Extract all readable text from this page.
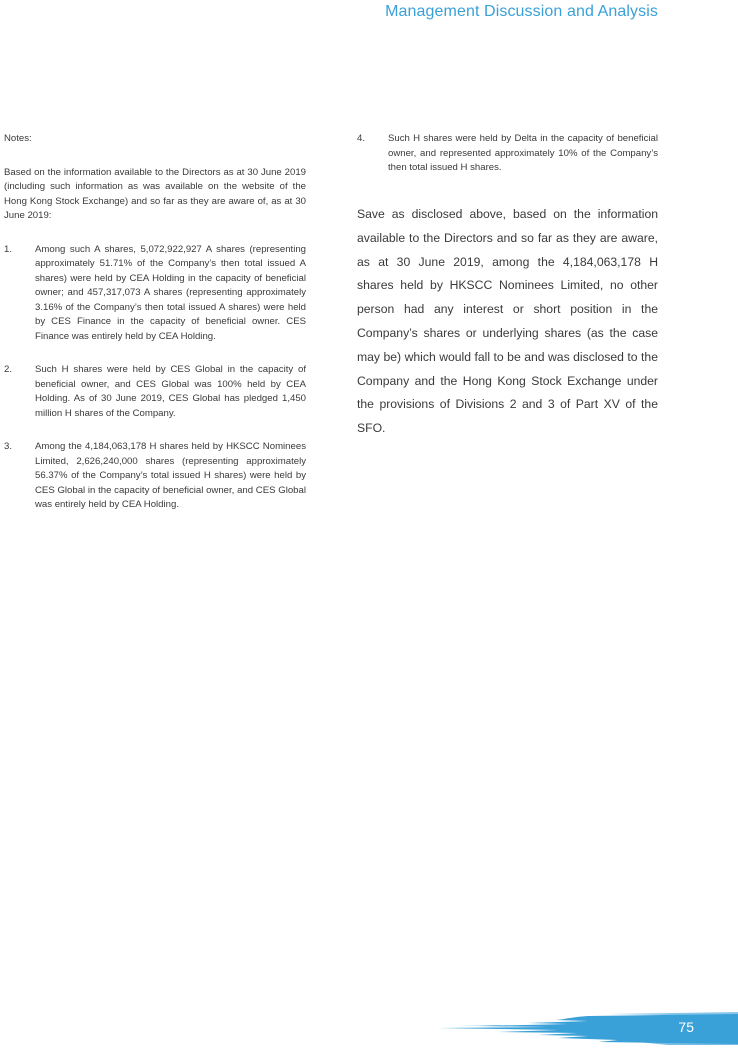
Management Discussion and Analysis

Notes:

Based on the information available to the Directors as at 30 June 2019 (including such information as was available on the website of the Hong Kong Stock Exchange) and so far as they are aware of, as at 30 June 2019:

1.	Among such A shares, 5,072,922,927 A shares (representing approximately 51.71% of the Company’s then total issued A shares) were held by CEA Holding in the capacity of beneficial owner; and 457,317,073 A shares (representing approximately 3.16% of the Company’s then total issued A shares) were held by CES Finance in the capacity of beneficial owner. CES Finance was entirely held by CEA Holding.
2.	Such H shares were held by CES Global in the capacity of beneficial owner, and CES Global was 100% held by CEA Holding. As of 30 June 2019, CES Global has pledged 1,450 million H shares of the Company.
3.	Among the 4,184,063,178 H shares held by HKSCC Nominees Limited, 2,626,240,000 shares (representing approximately 56.37% of the Company’s total issued H shares) were held by CES Global in the capacity of beneficial owner, and CES Global was entirely held by CEA Holding.
4.	Such H shares were held by Delta in the capacity of beneficial owner, and represented approximately 10% of the Company’s then total issued H shares.

Save as disclosed above, based on the information available to the Directors and so far as they are aware, as at 30 June 2019, among the 4,184,063,178 H shares held by HKSCC Nominees Limited, no other person had any interest or short position in the Company’s shares or underlying shares (as the case may be) which would fall to be and was disclosed to the Company and the Hong Kong Stock Exchange under the provisions of Divisions 2 and 3 of Part XV of the SFO.

75
